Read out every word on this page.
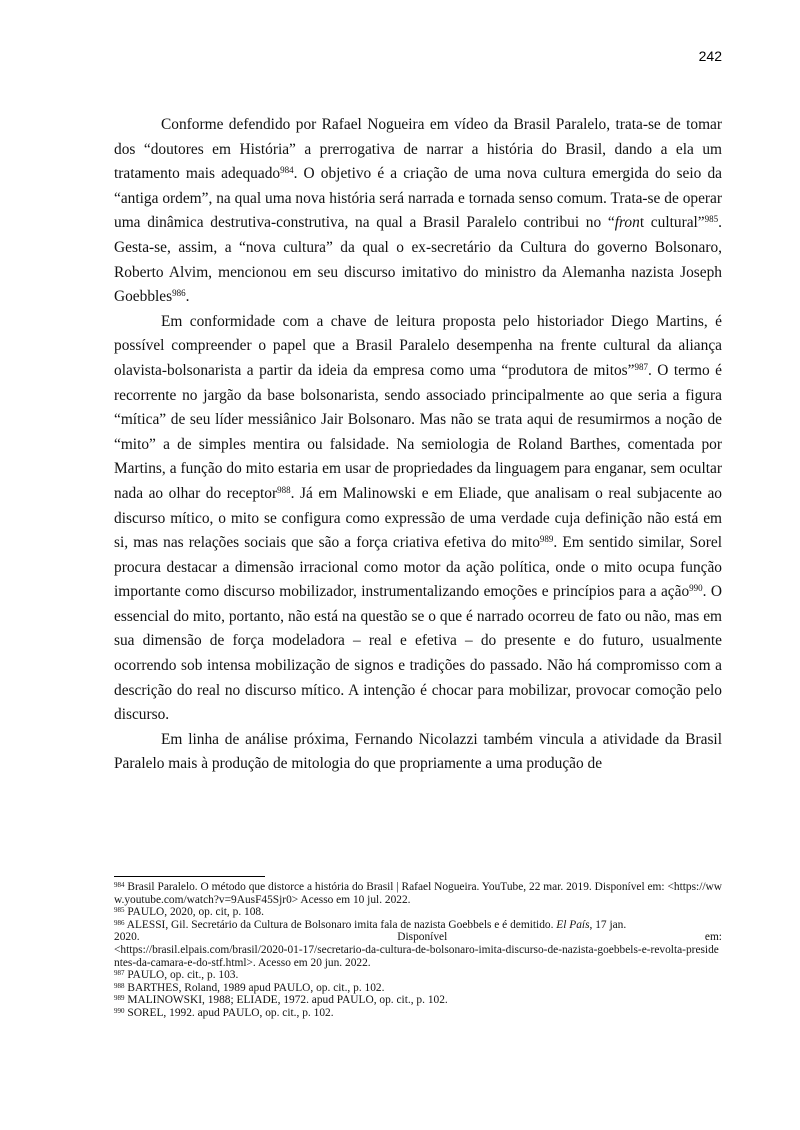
242

Conforme defendido por Rafael Nogueira em vídeo da Brasil Paralelo, trata-se de tomar dos “doutores em História” a prerrogativa de narrar a história do Brasil, dando a ela um tratamento mais adequado$^{984}$. O objetivo é a criação de uma nova cultura emergida do seio da “antiga ordem”, na qual uma nova história será narrada e tornada senso comum. Trata-se de operar uma dinâmica destrutiva-construtiva, na qual a Brasil Paralelo contribui no “front cultural”$^{985}$. Gesta-se, assim, a “nova cultura” da qual o ex-secretário da Cultura do governo Bolsonaro, Roberto Alvim, mencionou em seu discurso imitativo do ministro da Alemanha nazista Joseph Goebbles$^{986}$.

Em conformidade com a chave de leitura proposta pelo historiador Diego Martins, é possível compreender o papel que a Brasil Paralelo desempenha na frente cultural da aliança olavista-bolsonarista a partir da ideia da empresa como uma “produtora de mitos”$^{987}$. O termo é recorrente no jargão da base bolsonarista, sendo associado principalmente ao que seria a figura “mítica” de seu líder messiânico Jair Bolsonaro. Mas não se trata aqui de resumirmos a noção de “mito” a de simples mentira ou falsidade. Na semiologia de Roland Barthes, comentada por Martins, a função do mito estaria em usar de propriedades da linguagem para enganar, sem ocultar nada ao olhar do receptor$^{988}$. Já em Malinowski e em Eliade, que analisam o real subjacente ao discurso mítico, o mito se configura como expressão de uma verdade cuja definição não está em si, mas nas relações sociais que são a força criativa efetiva do mito$^{989}$. Em sentido similar, Sorel procura destacar a dimensão irracional como motor da ação política, onde o mito ocupa função importante como discurso mobilizador, instrumentalizando emoções e princípios para a ação$^{990}$. O essencial do mito, portanto, não está na questão se o que é narrado ocorreu de fato ou não, mas em sua dimensão de força modeladora – real e efetiva – do presente e do futuro, usualmente ocorrendo sob intensa mobilização de signos e tradições do passado. Não há compromisso com a descrição do real no discurso mítico. A intenção é chocar para mobilizar, provocar comoção pelo discurso.

Em linha de análise próxima, Fernando Nicolazzi também vincula a atividade da Brasil Paralelo mais à produção de mitologia do que propriamente a uma produção de

$^{984}$ Brasil Paralelo. O método que distorce a história do Brasil | Rafael Nogueira. YouTube, 22 mar. 2019. Disponível em: <https://www.youtube.com/watch?v=9AusF45Sjr0> Acesso em 10 jul. 2022.

$^{985}$ PAULO, 2020, op. cit, p. 108.

$^{986}$ ALESSI, Gil. Secretário da Cultura de Bolsonaro imita fala de nazista Goebbels e é demitido. El País, 17 jan.

2020.	Disponível	em:

<https://brasil.elpais.com/brasil/2020-01-17/secretario-da-cultura-de-bolsonaro-imita-discurso-de-nazista-goebbels-e-revolta-presidentes-da-camara-e-do-stf.html>. Acesso em 20 jun. 2022.

$^{987}$ PAULO, op. cit., p. 103.

$^{988}$ BARTHES, Roland, 1989 apud PAULO, op. cit., p. 102.

$^{989}$ MALINOWSKI, 1988; ELIADE, 1972. apud PAULO, op. cit., p. 102.

$^{990}$ SOREL, 1992. apud PAULO, op. cit., p. 102.
